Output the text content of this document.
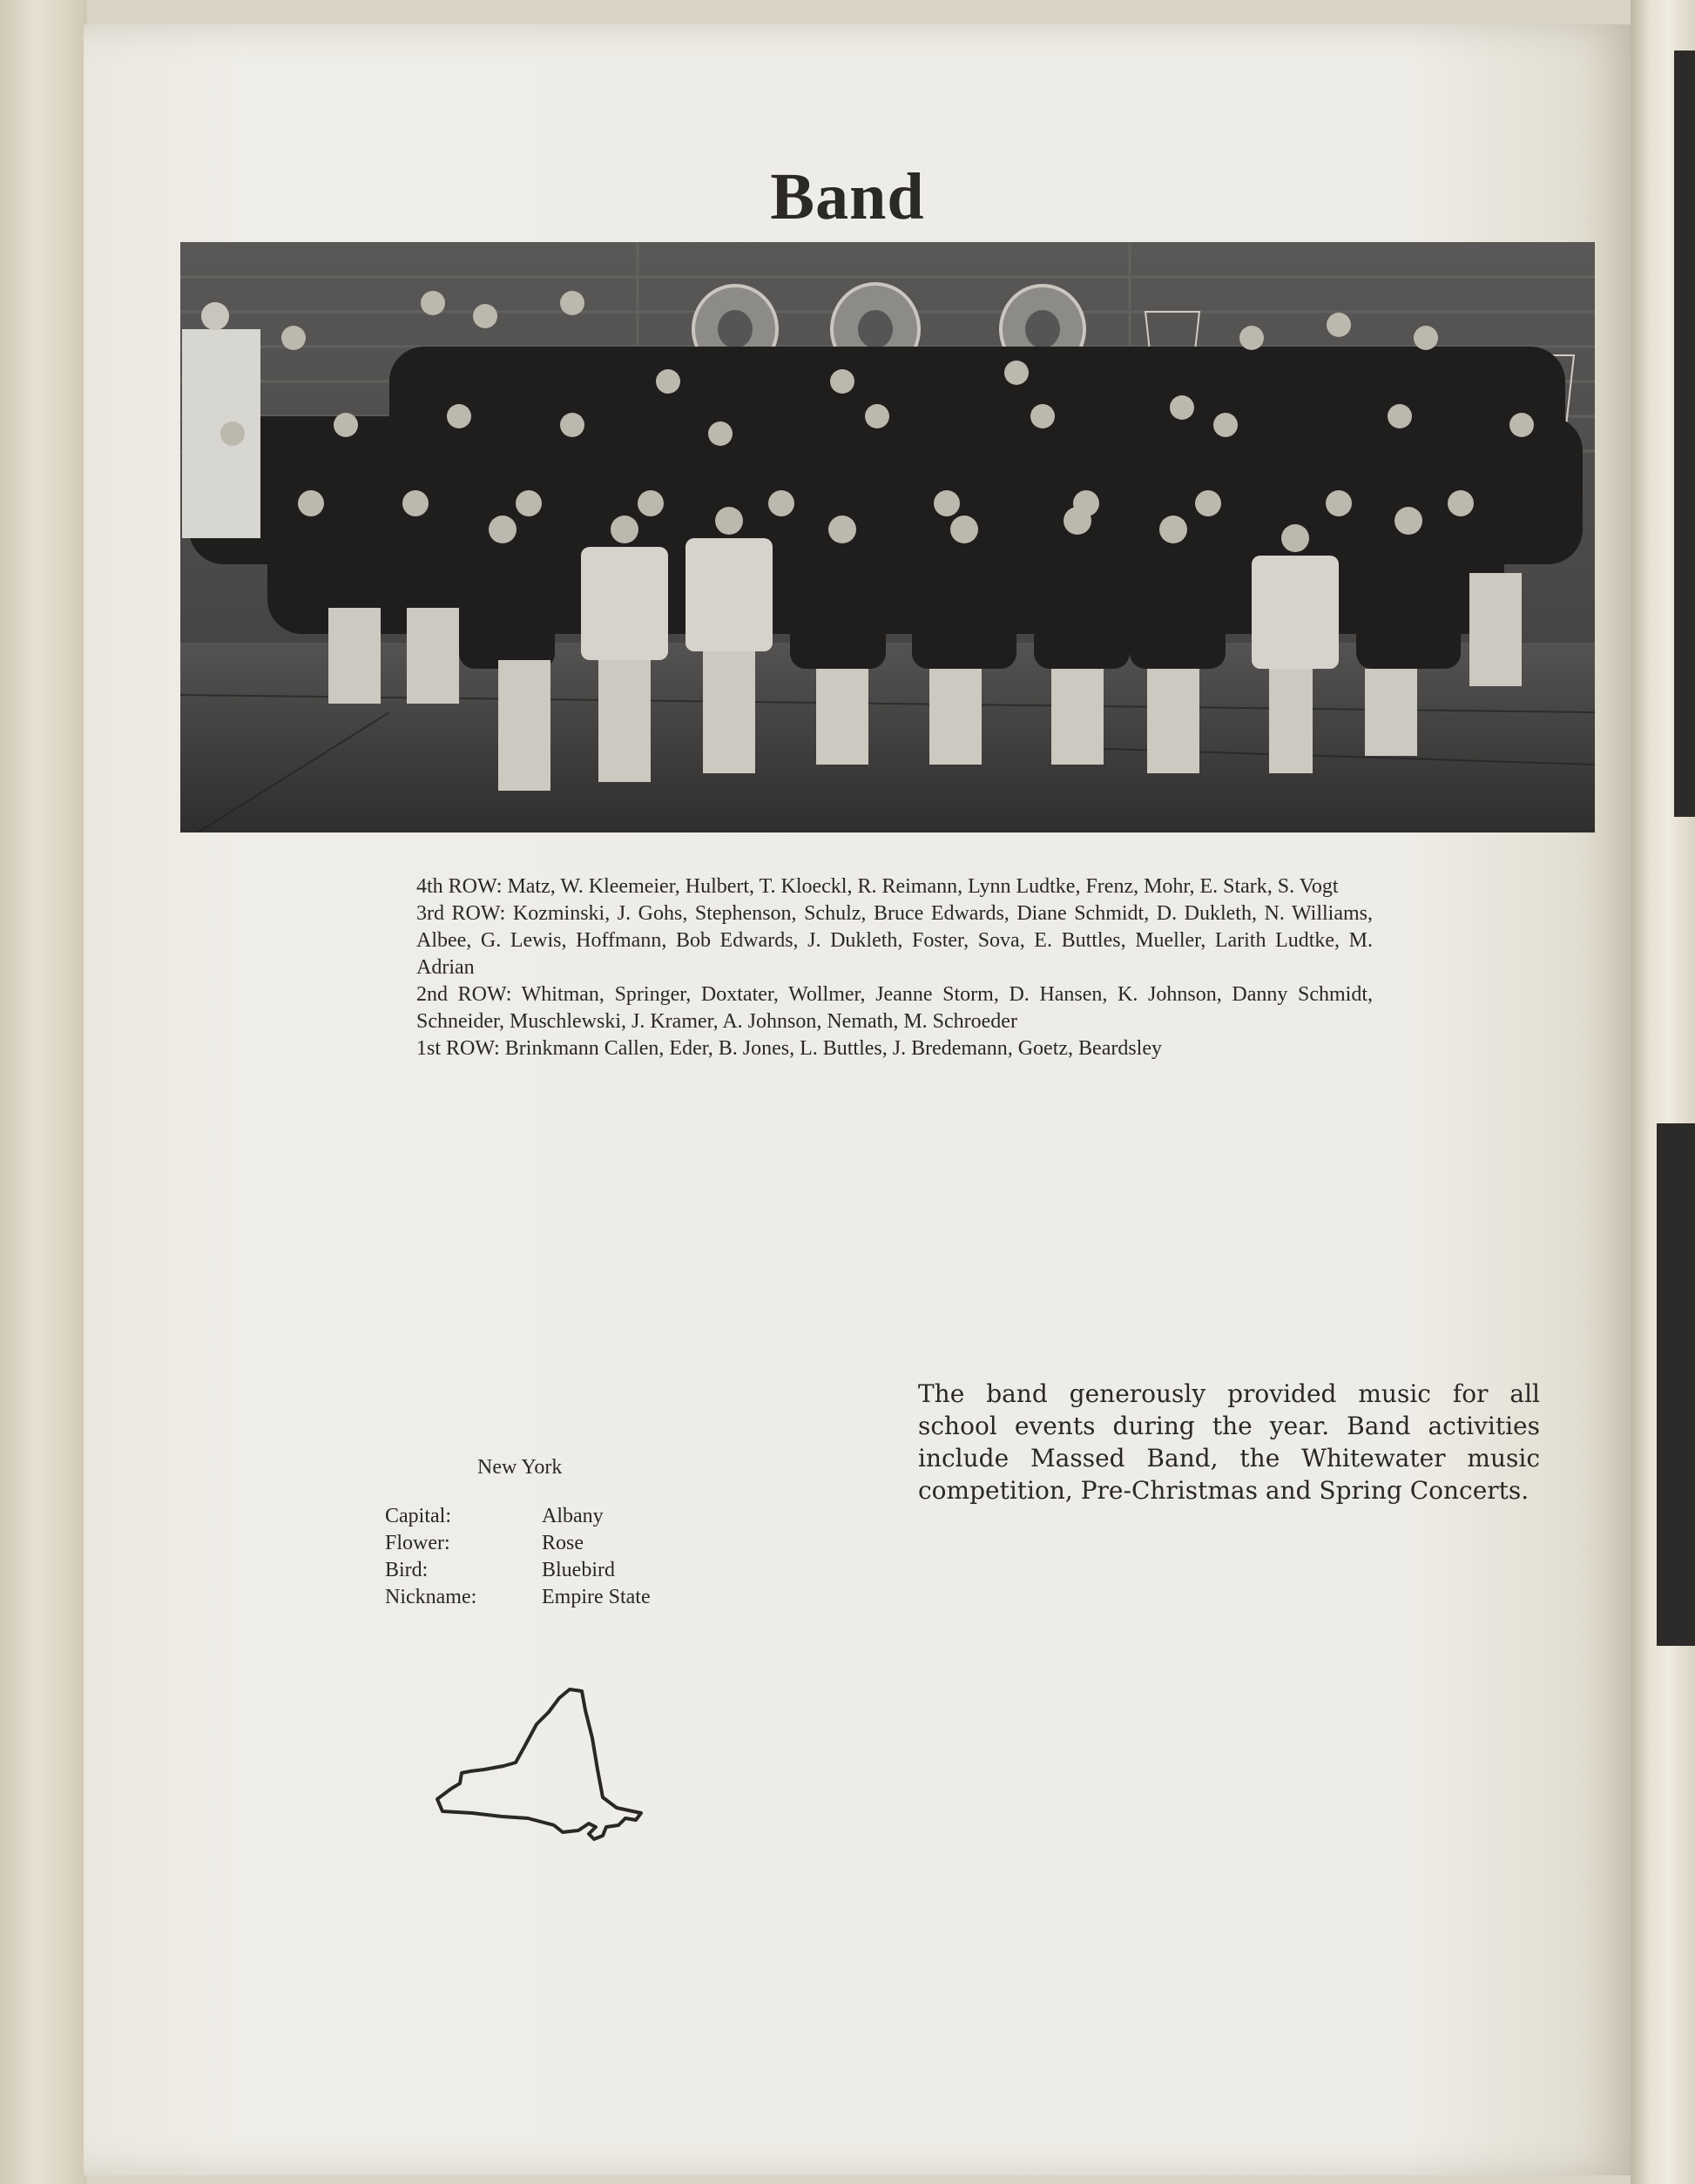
Band

4th ROW: Matz, W. Kleemeier, Hulbert, T. Kloeckl, R. Reimann, Lynn Ludtke, Frenz, Mohr, E. Stark, S. Vogt

3rd ROW: Kozminski, J. Gohs, Stephenson, Schulz, Bruce Edwards, Diane Schmidt, D. Dukleth, N. Williams, Albee, G. Lewis, Hoffmann, Bob Edwards, J. Dukleth, Foster, Sova, E. Buttles, Mueller, Larith Ludtke, M. Adrian

2nd ROW: Whitman, Springer, Doxtater, Wollmer, Jeanne Storm, D. Hansen, K. Johnson, Danny Schmidt, Schneider, Muschlewski, J. Kramer, A. Johnson, Nemath, M. Schroeder

1st ROW: Brinkmann Callen, Eder, B. Jones, L. Buttles, J. Bredemann, Goetz, Beardsley

New York
Capital:	Albany
Flower:	Rose
Bird:	Bluebird
Nickname:	Empire State

The band generously provided music for all school events during the year. Band activities include Massed Band, the Whitewater music competition, Pre-Christmas and Spring Concerts.
